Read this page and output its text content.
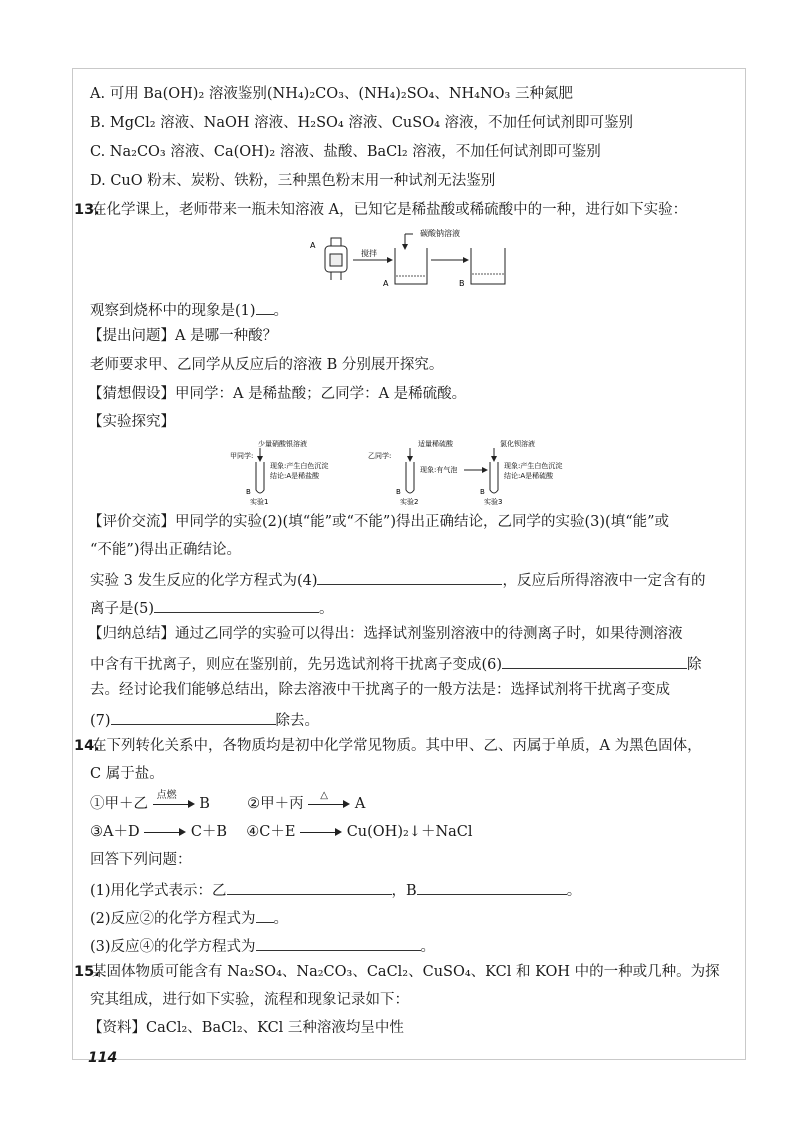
A. 可用 Ba(OH)₂ 溶液鉴别(NH₄)₂CO₃、(NH₄)₂SO₄、NH₄NO₃ 三种氮肥
B. MgCl₂ 溶液、NaOH 溶液、H₂SO₄ 溶液、CuSO₄ 溶液，不加任何试剂即可鉴别
C. Na₂CO₃ 溶液、Ca(OH)₂ 溶液、盐酸、BaCl₂ 溶液，不加任何试剂即可鉴别
D. CuO 粉末、炭粉、铁粉，三种黑色粉末用一种试剂无法鉴别
13.
在化学课上，老师带来一瓶未知溶液 A，已知它是稀盐酸或稀硫酸中的一种，进行如下实验：
A
搅拌
碳酸钠溶液
A	B
观察到烧杯中的现象是(1) 。
【提出问题】A 是哪一种酸？
老师要求甲、乙同学从反应后的溶液 B 分别展开探究。
【猜想假设】甲同学：A 是稀盐酸；乙同学：A 是稀硫酸。
【实验探究】
甲同学:
少量硝酸银溶液
现象:产生白色沉淀
结论:A是稀盐酸
B
实验1
乙同学:
适量稀硫酸
现象:有气泡
B
实验2
氯化钡溶液
现象:产生白色沉淀
结论:A是稀硫酸
B
实验3
【评价交流】甲同学的实验(2)(填“能”或“不能”)得出正确结论，乙同学的实验(3)(填“能”或
“不能”)得出正确结论。
实验 3 发生反应的化学方程式为(4)	，反应后所得溶液中一定含有的
离子是(5)	。
【归纳总结】通过乙同学的实验可以得出：选择试剂鉴别溶液中的待测离子时，如果待测溶液
中含有干扰离子，则应在鉴别前，先另选试剂将干扰离子变成(6)	除
去。经讨论我们能够总结出，除去溶液中干扰离子的一般方法是：选择试剂将干扰离子变成
(7)	除去。
14.
在下列转化关系中，各物质均是初中化学常见物质。其中甲、乙、丙属于单质，A 为黑色固体，
C 属于盐。
①甲＋乙
点燃
B	②甲＋丙
△
A
③A＋D	C＋B ④C＋E	Cu(OH)₂↓＋NaCl
回答下列问题：
(1)用化学式表示：乙	，B	。
(2)反应②的化学方程式为 。
(3)反应④的化学方程式为	。
15.
某固体物质可能含有 Na₂SO₄、Na₂CO₃、CaCl₂、CuSO₄、KCl 和 KOH 中的一种或几种。为探
究其组成，进行如下实验，流程和现象记录如下：
【资料】CaCl₂、BaCl₂、KCl 三种溶液均呈中性
114
